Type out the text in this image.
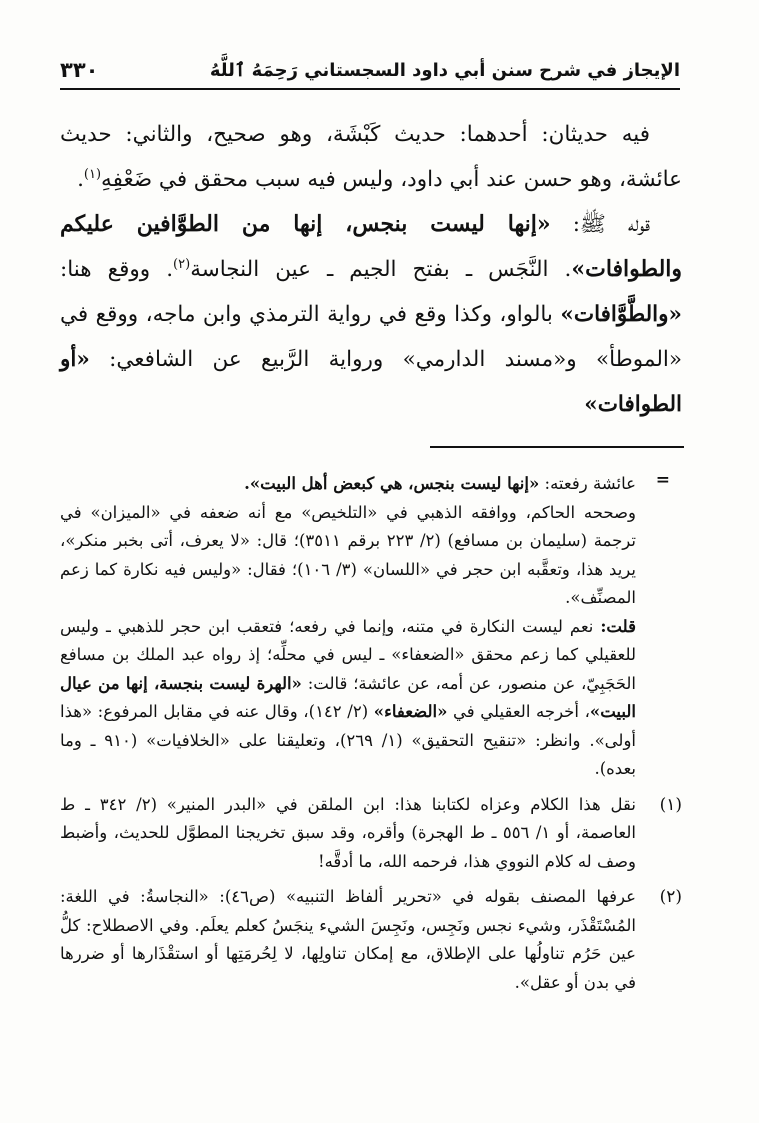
الإيجاز في شرح سنن أبي داود السجستاني رَحِمَهُ ٱللَّهُ
٣٣٠

فيه حديثان: أحدهما: حديث كَبْشَة، وهو صحيح، والثاني: حديث عائشة، وهو حسن عند أبي داود، وليس فيه سبب محقق في ضَعْفِهِ$^{(١)}$.

قوله ﷺ: «إنها ليست بنجس، إنها من الطوَّافين عليكم والطوافات». النَّجَس ـ بفتح الجيم ـ عين النجاسة$^{(٢)}$. ووقع هنا: «والطَّوَّافات» بالواو، وكذا وقع في رواية الترمذي وابن ماجه، ووقع في «الموطأ» و«مسند الدارمي» ورواية الرَّبيع عن الشافعي: «أو الطوافات»

=

عائشة رفعته: «إنها ليست بنجس، هي كبعض أهل البيت».

وصححه الحاكم، ووافقه الذهبي في «التلخيص» مع أنه ضعفه في «الميزان» في ترجمة (سليمان بن مسافع) (٢/ ٢٢٣ برقم ٣٥١١)؛ قال: «لا يعرف، أتى بخبر منكر»، يريد هذا، وتعقَّبه ابن حجر في «اللسان» (٣/ ١٠٦)؛ فقال: «وليس فيه نكارة كما زعم المصنِّف».

قلت: نعم ليست النكارة في متنه، وإنما في رفعه؛ فتعقب ابن حجر للذهبي ـ وليس للعقيلي كما زعم محقق «الضعفاء» ـ ليس في محلِّه؛ إذ رواه عبد الملك بن مسافع الحَجَبِيّ، عن منصور، عن أمه، عن عائشة؛ قالت: «الهرة ليست بنجسة، إنها من عيال البيت»، أخرجه العقيلي في «الضعفاء» (٢/ ١٤٢)، وقال عنه في مقابل المرفوع: «هذا أولى». وانظر: «تنقيح التحقيق» (١/ ٢٦٩)، وتعليقنا على «الخلافيات» (٩١٠ ـ وما بعده).

(١)

نقل هذا الكلام وعزاه لكتابنا هذا: ابن الملقن في «البدر المنير» (٢/ ٣٤٢ ـ ط العاصمة، أو ١/ ٥٥٦ ـ ط الهجرة) وأقره، وقد سبق تخريجنا المطوَّل للحديث، وأضبط وصف له كلام النووي هذا، فرحمه الله، ما أدقَّه!

(٢)

عرفها المصنف بقوله في «تحرير ألفاظ التنبيه» (ص٤٦): «النجاسةُ: في اللغة: المُسْتَقْذَر، وشيء نجس ونَجِس، ونَجِسَ الشيء ينجَسُ كعلم يعلَم. وفي الاصطلاح: كلُّ عين حَرُم تناولُها على الإطلاق، مع إمكان تناولِها، لا لِحُرمَتِها أو استقْذَارها أو ضررها في بدن أو عقل».
